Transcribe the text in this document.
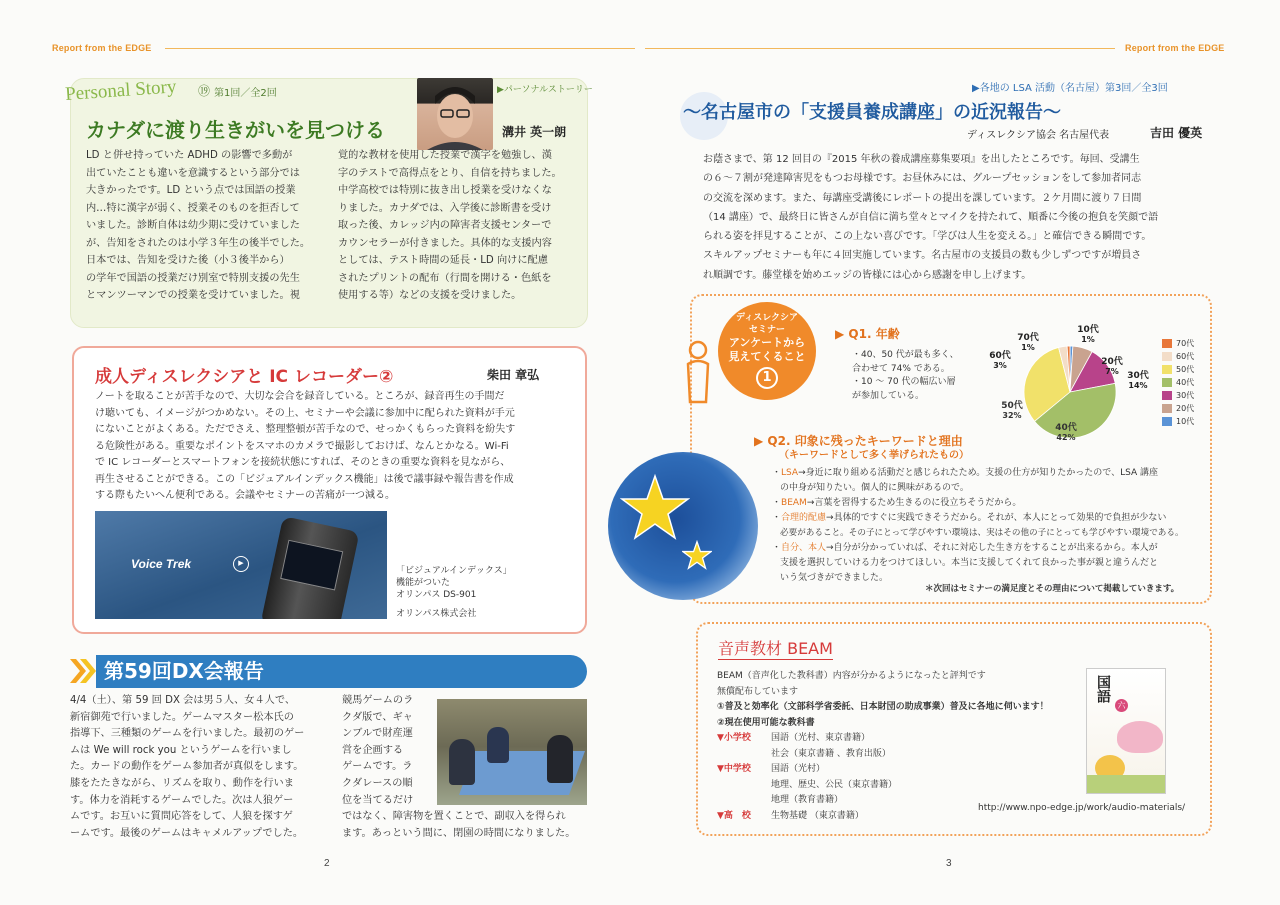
Report from the EDGE	Report from the EDGE
Personal Story ⑲ 第1回／全2回
カナダに渡り生きがいを見つける
▶パーソナルストーリー
溝井 英一朗
LD と併せ持っていた ADHD の影響で多動が
出ていたことも違いを意識するという部分では
大きかったです。LD という点では国語の授業
内…特に漢字が弱く、授業そのものを拒否して
いました。診断自体は幼少期に受けていました
が、告知をされたのは小学３年生の後半でした。
日本では、告知を受けた後（小３後半から）
の学年で国語の授業だけ別室で特別支援の先生
とマンツーマンでの授業を受けていました。視
覚的な教材を使用した授業で漢字を勉強し、漢
字のテストで高得点をとり、自信を持ちました。
中学高校では特別に抜き出し授業を受けなくな
りました。カナダでは、入学後に診断書を受け
取った後、カレッジ内の障害者支援センターで
カウンセラーが付きました。具体的な支援内容
としては、テスト時間の延長・LD 向けに配慮
されたプリントの配布（行間を開ける・色紙を
使用する等）などの支援を受けました。
成人ディスレクシアと IC レコーダー②	柴田 章弘
ノートを取ることが苦手なので、大切な会合を録音している。ところが、録音再生の手間だ
け聴いても、イメージがつかめない。その上、セミナーや会議に参加中に配られた資料が手元
にないことがよくある。ただでさえ、整理整頓が苦手なので、せっかくもらった資料を紛失す
る危険性がある。重要なポイントをスマホのカメラで撮影しておけば、なんとかなる。Wi-Fi
で IC レコーダーとスマートフォンを接続状態にすれば、そのときの重要な資料を見ながら、
再生させることができる。この「ビジュアルインデックス機能」は後で議事録や報告書を作成
する際もたいへん便利である。会議やセミナーの苦痛が一つ減る。
Voice Trek	▶
「ビジュアルインデックス」
機能がついた
オリンパス DS-901
オリンパス株式会社
第59回DX会報告
4/4（土）、第 59 回 DX 会は男５人、女４人で、
新宿御苑で行いました。ゲームマスター松本氏の
指導下、三種類のゲームを行いました。最初のゲー
ムは We will rock you というゲームを行いまし
た。カードの動作をゲーム参加者が真似をします。
膝をたたきながら、リズムを取り、動作を行いま
す。体力を消耗するゲームでした。次は人狼ゲー
ムです。お互いに質問応答をして、人狼を探すゲ
ームです。最後のゲームはキャメルアップでした。
競馬ゲームのラ
クダ版で、ギャ
ンブルで財産運
営を企画する
ゲームです。ラ
クダレースの順
位を当てるだけ
ではなく、障害物を置くことで、副収入を得られ
ます。あっという間に、閉園の時間になりました。
▶各地の LSA 活動（名古屋）第3回／全3回
〜名古屋市の「支援員養成講座」の近況報告〜
ディスレクシア協会 名古屋代表	吉田 優英
お蔭さまで、第 12 回目の『2015 年秋の養成講座募集要項』を出したところです。毎回、受講生
の６〜７割が発達障害児をもつお母様です。お昼休みには、グループセッションをして参加者同志
の交流を深めます。また、毎講座受講後にレポートの提出を課しています。２ケ月間に渡り７日間
（14 講座）で、最終日に皆さんが自信に満ち堂々とマイクを持たれて、順番に今後の抱負を笑顔で語
られる姿を拝見することが、この上ない喜びです。「学びは人生を変える。」と確信できる瞬間です。
スキルアップセミナーも年に４回実施しています。名古屋市の支援員の数も少しずつですが増員さ
れ順調です。藤堂様を始めエッジの皆様には心から感謝を申し上げます。
ディスレクシア
セミナー
アンケートから
見えてくること
1
▶ Q1. 年齢
・40、50 代が最も多く、
合わせて 74% である。
・10 〜 70 代の幅広い層
が参加している。
10代 1%
20代 7% 30代 14%
40代 42%
50代 32%
60代 3%
70代 1%	70代
60代
50代
40代
30代
20代
10代
▶ Q2. 印象に残ったキーワードと理由
（キーワードとして多く挙げられたもの）
・LSA→身近に取り組める活動だと感じられたため。支援の仕方が知りたかったので、LSA 講座
の中身が知りたい。個人的に興味があるので。
・BEAM→言葉を習得するため生きるのに役立ちそうだから。
・合理的配慮→具体的ですぐに実践できそうだから。それが、本人にとって効果的で負担が少ない
必要があること。その子にとって学びやすい環境は、実はその他の子にとっても学びやすい環境である。
・自分、本人→自分が分かっていれば、それに対応した生き方をすることが出来るから。本人が
支援を選択していける力をつけてほしい。本当に支援してくれて良かった事が親と違うんだと
いう気づきができました。
＊次回はセミナーの満足度とその理由について掲載していきます。
音声教材 BEAM
BEAM（音声化した教科書）内容が分かるようになったと評判です
無償配布しています
①普及と効率化（文部科学省委託、日本財団の助成事業）普及に各地に伺います！
②現在使用可能な教科書
▼小学校	国語（光村、東京書籍）
社会（東京書籍 、教育出版）
▼中学校	国語（光村）
地理、歴史、公民（東京書籍）
地理（教育書籍）
▼高　校	生物基礎 （東京書籍）
国語
六
http://www.npo-edge.jp/work/audio-materials/
2	3
